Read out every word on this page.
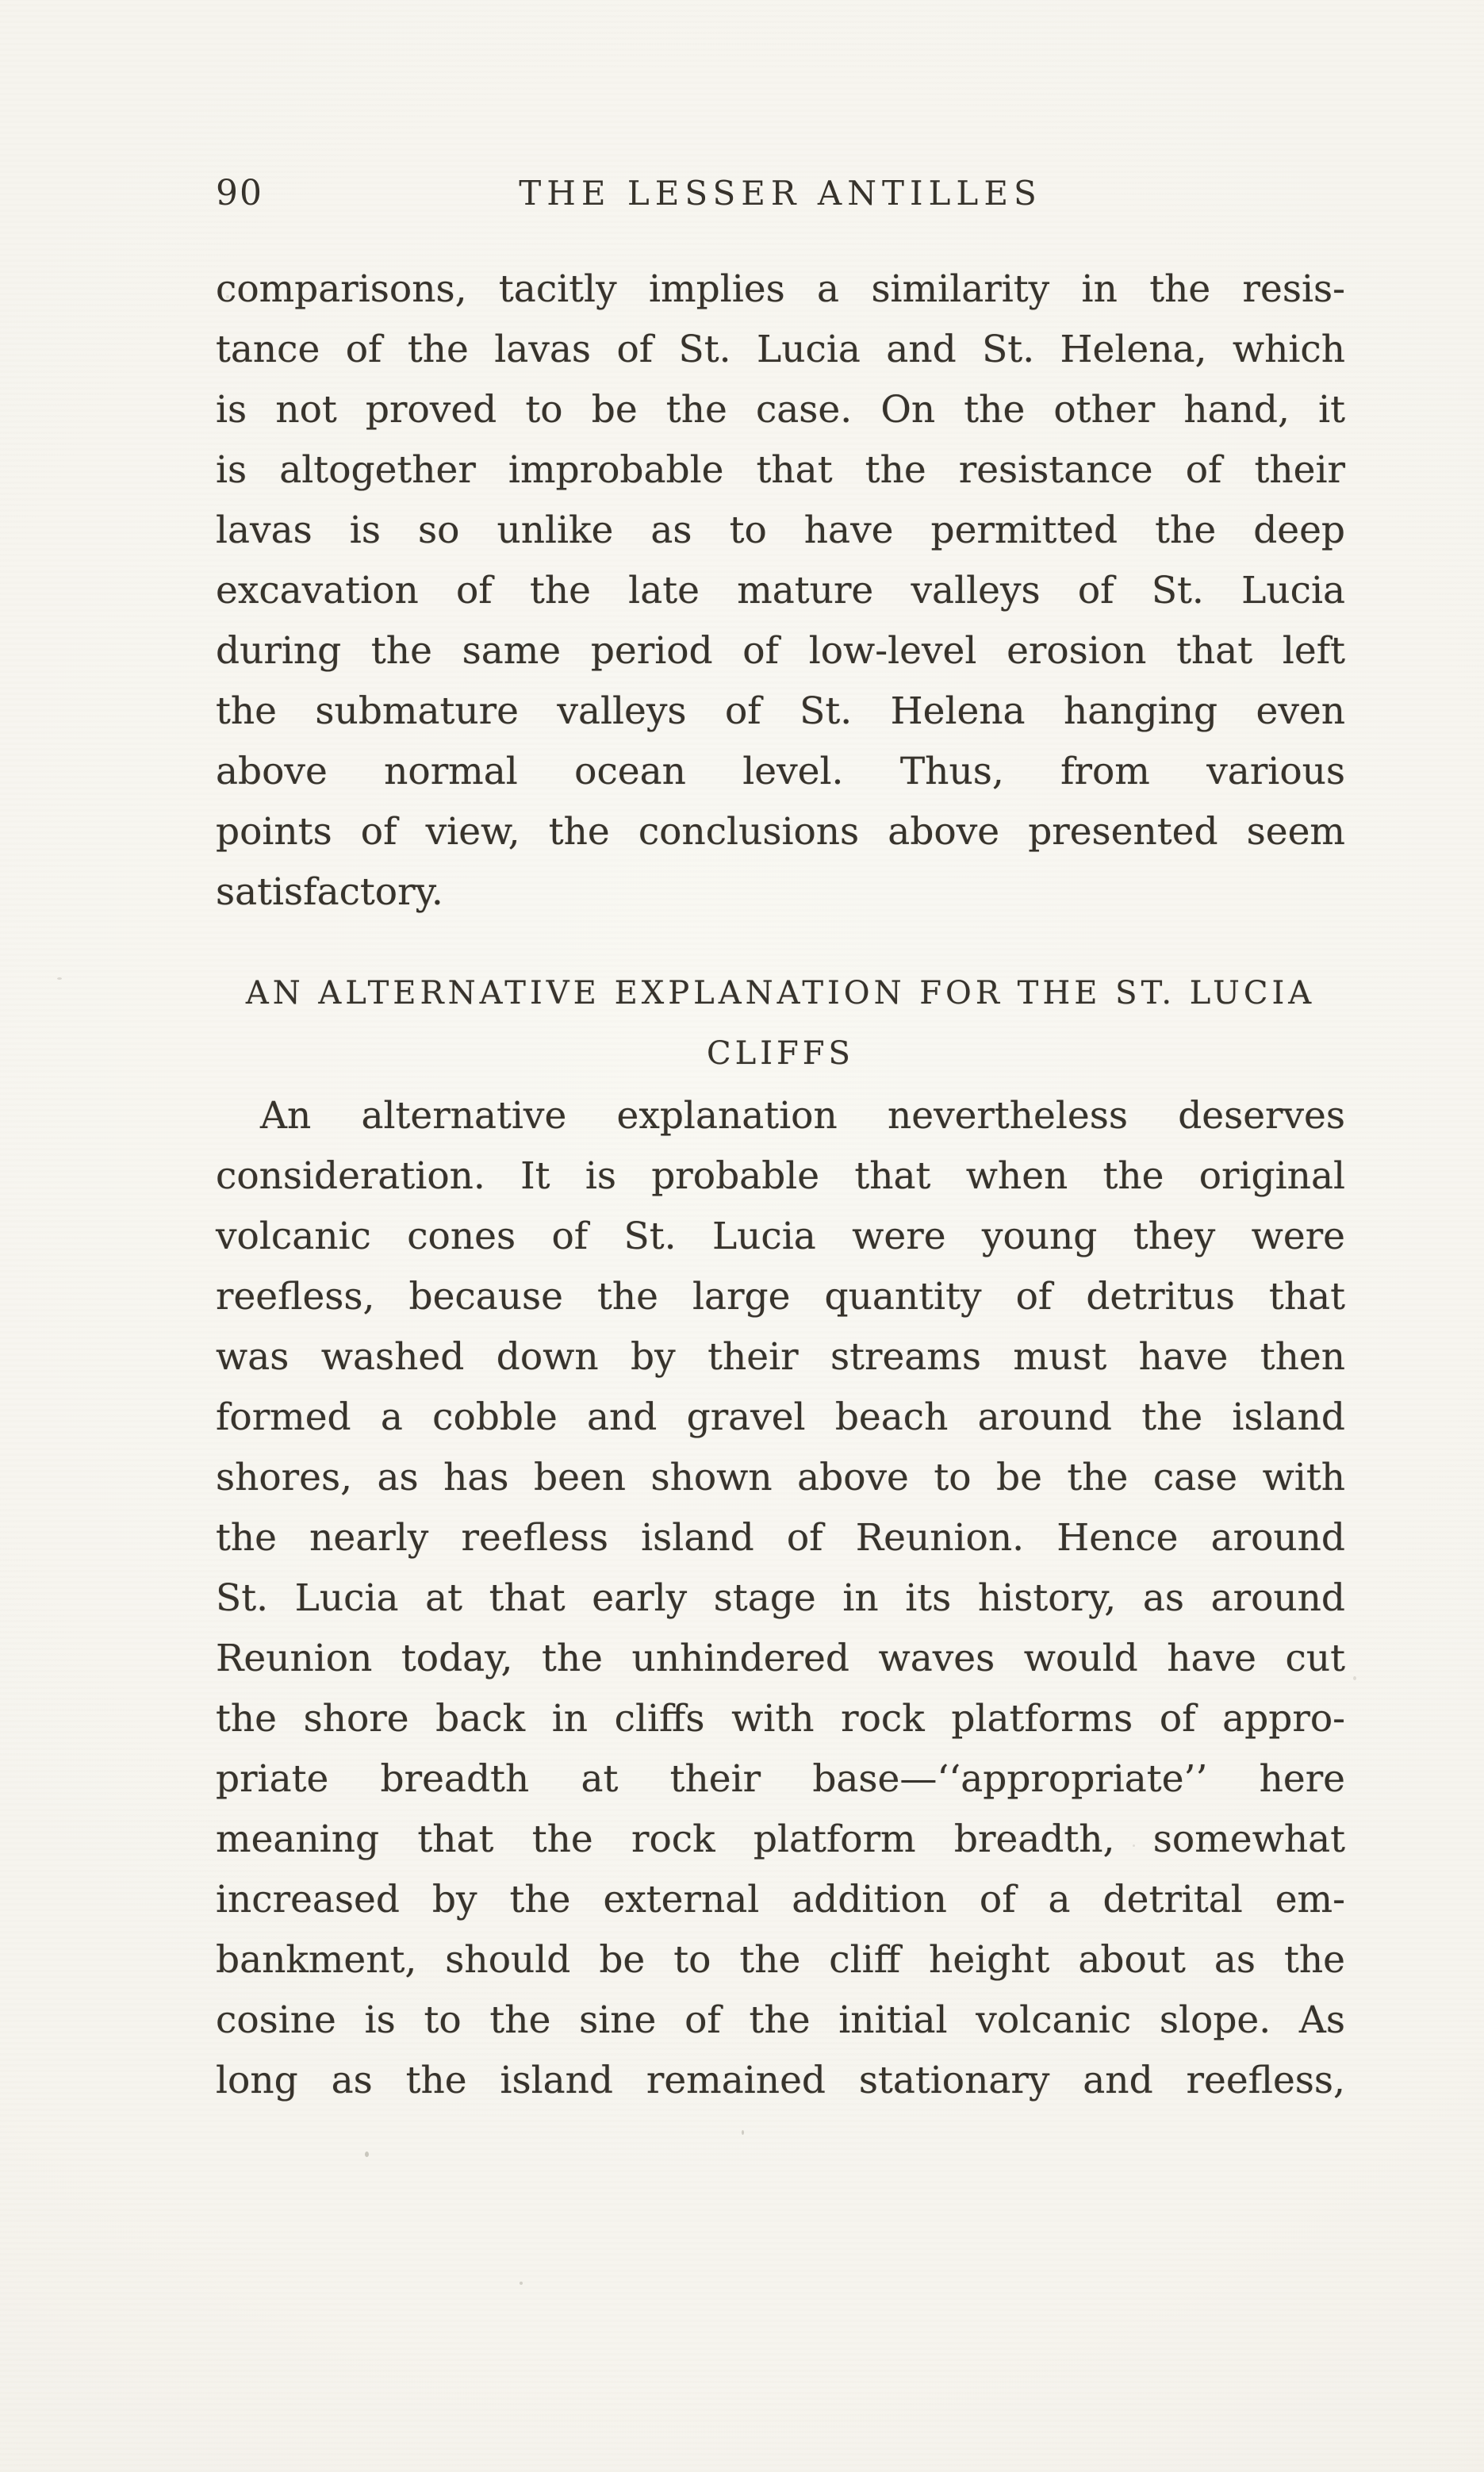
90	THE LESSER ANTILLES
comparisons, tacitly implies a similarity in the resis-
tance of the lavas of St. Lucia and St. Helena, which
is not proved to be the case. On the other hand, it
is altogether improbable that the resistance of their
lavas is so unlike as to have permitted the deep
excavation of the late mature valleys of St. Lucia
during the same period of low-level erosion that left
the submature valleys of St. Helena hanging even
above normal ocean level. Thus, from various
points of view, the conclusions above presented seem
satisfactory.
AN ALTERNATIVE EXPLANATION FOR THE ST. LUCIA
CLIFFS
An alternative explanation nevertheless deserves
consideration. It is probable that when the original
volcanic cones of St. Lucia were young they were
reefless, because the large quantity of detritus that
was washed down by their streams must have then
formed a cobble and gravel beach around the island
shores, as has been shown above to be the case with
the nearly reefless island of Reunion. Hence around
St. Lucia at that early stage in its history, as around
Reunion today, the unhindered waves would have cut
the shore back in cliffs with rock platforms of appro-
priate breadth at their base—‘‘appropriate’’ here
meaning that the rock platform breadth, somewhat
increased by the external addition of a detrital em-
bankment, should be to the cliff height about as the
cosine is to the sine of the initial volcanic slope. As
long as the island remained stationary and reefless,
